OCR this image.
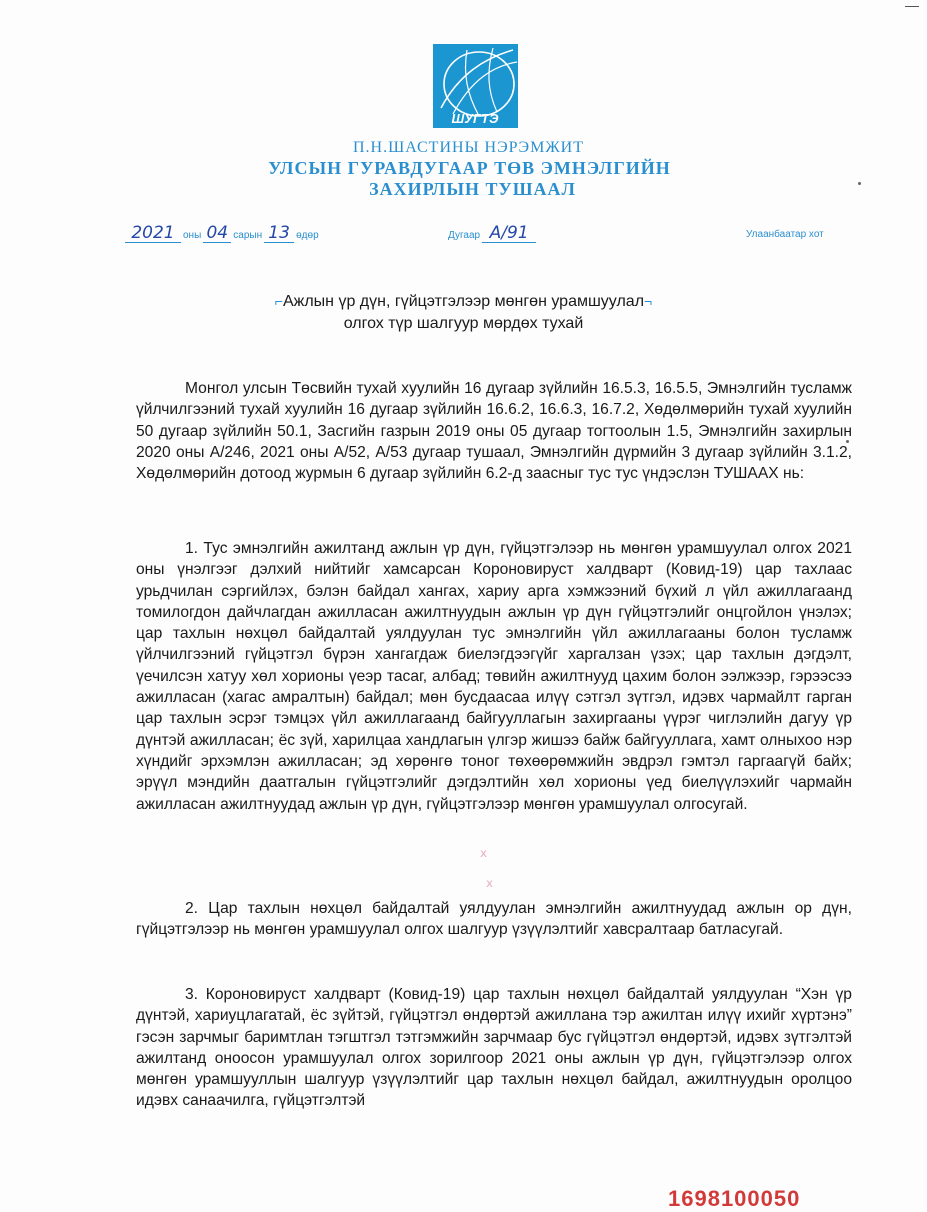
ШУГТЭ
П.Н.ШАСТИНЫ НЭРЭМЖИТ
УЛСЫН ГУРАВДУГААР ТӨВ ЭМНЭЛГИЙН
ЗАХИРЛЫН ТУШААЛ
2021 оны 04 сарын 13 өдөр	Дугаар А/91	Улаанбаатар хот
⌐Ажлын үр дүн, гүйцэтгэлээр мөнгөн урамшуулал¬
олгох түр шалгуур мөрдөх тухай

Монгол улсын Төсвийн тухай хуулийн 16 дугаар зүйлийн 16.5.3, 16.5.5, Эмнэлгийн тусламж үйлчилгээний тухай хуулийн 16 дугаар зүйлийн 16.6.2, 16.6.3, 16.7.2, Хөдөлмөрийн тухай хуулийн 50 дугаар зүйлийн 50.1, Засгийн газрын 2019 оны 05 дугаар тогтоолын 1.5, Эмнэлгийн захирлын 2020 оны А/246, 2021 оны А/52, А/53 дугаар тушаал, Эмнэлгийн дүрмийн 3 дугаар зүйлийн 3.1.2, Хөдөлмөрийн дотоод журмын 6 дугаар зүйлийн 6.2-д заасныг тус тус үндэслэн ТУШААХ нь:

1. Тус эмнэлгийн ажилтанд ажлын үр дүн, гүйцэтгэлээр нь мөнгөн урамшуулал олгох 2021 оны үнэлгээг дэлхий нийтийг хамсарсан Короновируст халдварт (Ковид-19) цар тахлаас урьдчилан сэргийлэх, бэлэн байдал хангах, хариу арга хэмжээний бүхий л үйл ажиллагаанд томилогдон дайчлагдан ажилласан ажилтнуудын ажлын үр дүн гүйцэтгэлийг онцгойлон үнэлэх; цар тахлын нөхцөл байдалтай уялдуулан тус эмнэлгийн үйл ажиллагааны болон тусламж үйлчилгээний гүйцэтгэл бүрэн хангагдаж биелэгдээгүйг харгалзан үзэх; цар тахлын дэгдэлт, үечилсэн хатуу хөл хорионы үеэр тасаг, албад; төвийн ажилтнууд цахим болон ээлжээр, гэрээсээ ажилласан (хагас амралтын) байдал; мөн бусдаасаа илүү сэтгэл зүтгэл, идэвх чармайлт гарган цар тахлын эсрэг тэмцэх үйл ажиллагаанд байгууллагын захиргааны үүрэг чиглэлийн дагуу үр дүнтэй ажилласан; ёс зүй, харилцаа хандлагын үлгэр жишээ байж байгууллага, хамт олныхоо нэр хүндийг эрхэмлэн ажилласан; эд хөрөнгө тоног төхөөрөмжийн эвдрэл гэмтэл гаргаагүй байх; эрүүл мэндийн даатгалын гүйцэтгэлийг дэгдэлтийн хөл хорионы үед биелүүлэхийг чармайн ажилласан ажилтнуудад ажлын үр дүн, гүйцэтгэлээр мөнгөн урамшуулал олгосугай.

ⅹ
ⅹ

2. Цар тахлын нөхцөл байдалтай уялдуулан эмнэлгийн ажилтнуудад ажлын ор дүн, гүйцэтгэлээр нь мөнгөн урамшуулал олгох шалгуур үзүүлэлтийг хавсралтаар батласугай.

3. Короновируст халдварт (Ковид-19) цар тахлын нөхцөл байдалтай уялдуулан “Хэн үр дүнтэй, хариуцлагатай, ёс зүйтэй, гүйцэтгэл өндөртэй ажиллана тэр ажилтан илүү ихийг хүртэнэ” гэсэн зарчмыг баримтлан тэгштгэл тэтгэмжийн зарчмаар бус гүйцэтгэл өндөртэй, идэвх зүтгэлтэй ажилтанд оноосон урамшуулал олгох зорилгоор 2021 оны ажлын үр дүн, гүйцэтгэлээр олгох мөнгөн урамшууллын шалгуур үзүүлэлтийг цар тахлын нөхцөл байдал, ажилтнуудын оролцоо идэвх санаачилга, гүйцэтгэлтэй

1698100050
